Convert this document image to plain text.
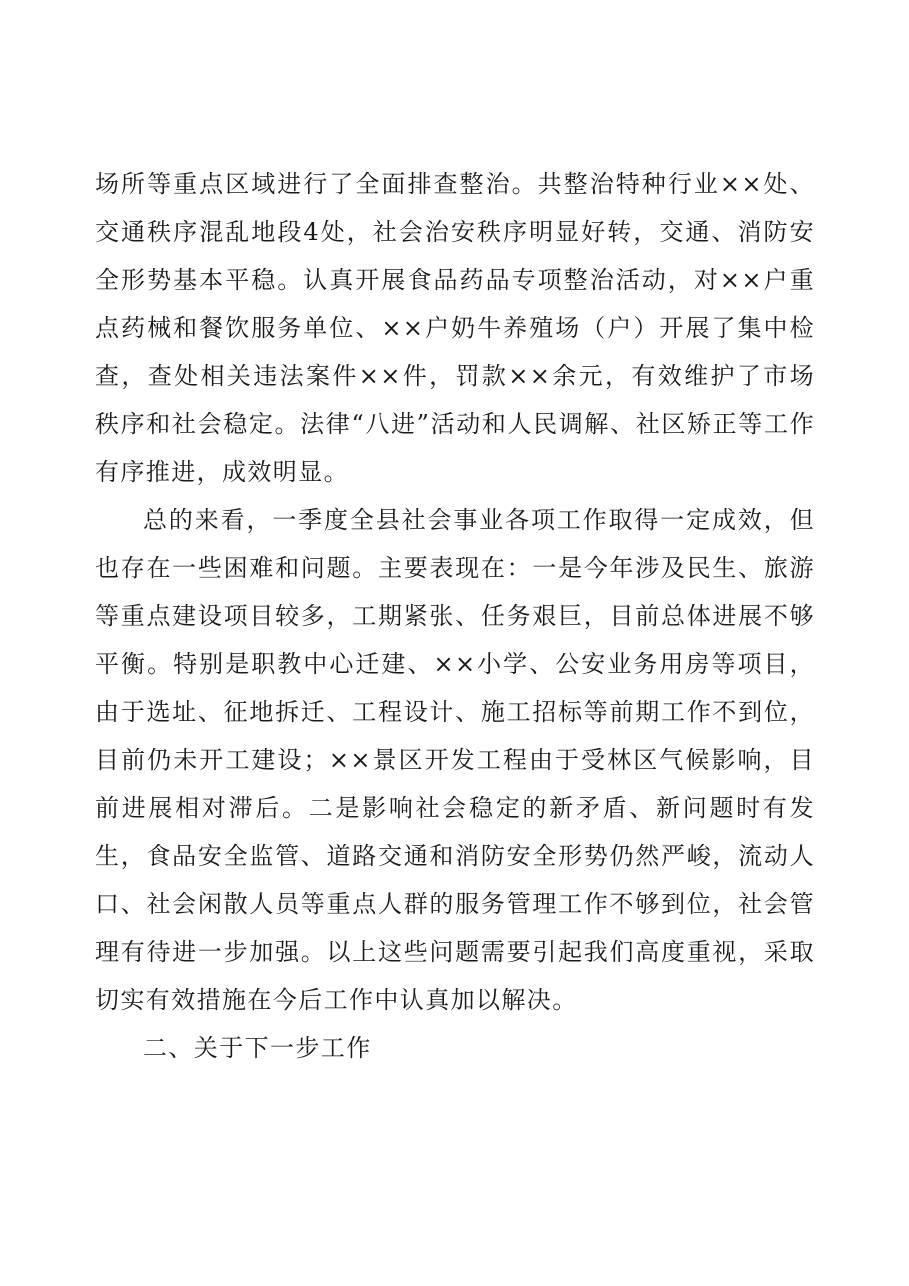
场所等重点区域进行了全面排查整治。共整治特种行业××处、交通秩序混乱地段4处，社会治安秩序明显好转，交通、消防安全形势基本平稳。认真开展食品药品专项整治活动，对××户重点药械和餐饮服务单位、××户奶牛养殖场（户）开展了集中检查，查处相关违法案件××件，罚款××余元，有效维护了市场秩序和社会稳定。法律“八进”活动和人民调解、社区矫正等工作有序推进，成效明显。

总的来看，一季度全县社会事业各项工作取得一定成效，但也存在一些困难和问题。主要表现在：一是今年涉及民生、旅游等重点建设项目较多，工期紧张、任务艰巨，目前总体进展不够平衡。特别是职教中心迁建、××小学、公安业务用房等项目，由于选址、征地拆迁、工程设计、施工招标等前期工作不到位，目前仍未开工建设；××景区开发工程由于受林区气候影响，目前进展相对滞后。二是影响社会稳定的新矛盾、新问题时有发生，食品安全监管、道路交通和消防安全形势仍然严峻，流动人口、社会闲散人员等重点人群的服务管理工作不够到位，社会管理有待进一步加强。以上这些问题需要引起我们高度重视，采取切实有效措施在今后工作中认真加以解决。

二、关于下一步工作
